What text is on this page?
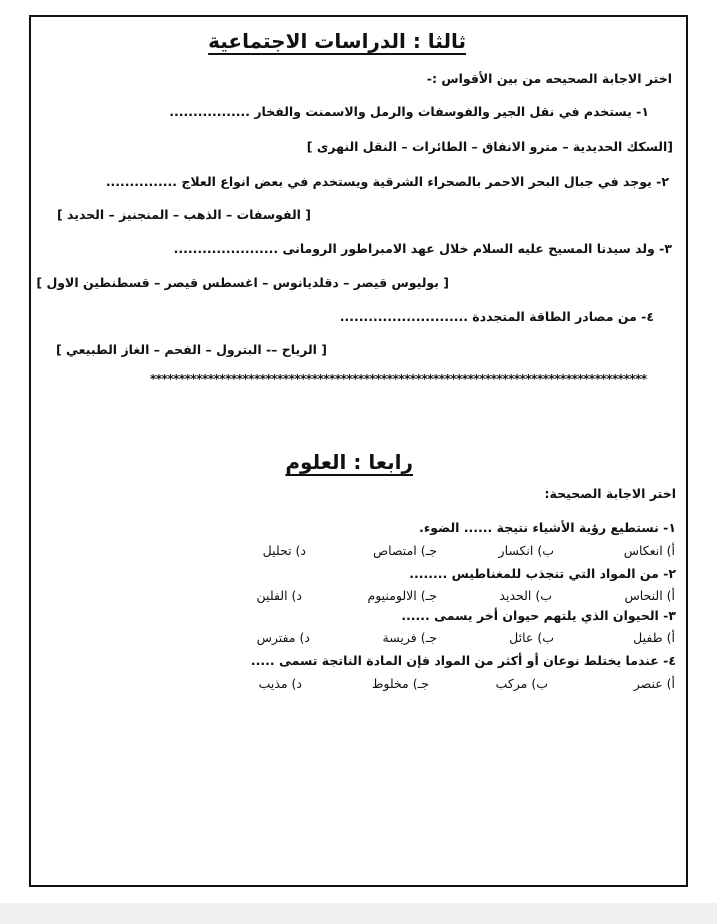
ثالثا : الدراسات الاجتماعية
اختر الاجابة الصحيحه من بين الأقواس :-
١- يستخدم في نقل الجير والفوسفات والرمل والاسمنت والفخار .................
[السكك الحديدية – مترو الانفاق – الطائرات – النقل النهرى ]
٢- يوجد في جبال البحر الاحمر بالصحراء الشرقية ويستخدم في بعض انواع العلاج ...............
[ الفوسفات – الذهب – المنجنيز – الحديد ]
٣- ولد سيدنا المسيح عليه السلام خلال عهد الامبراطور الرومانى ......................
[ بوليوس قيصر – دقلديانوس – اغسطس قيصر – قسطنطين الاول ]
٤- من مصادر الطاقة المتجددة ...........................
[ الرياح –- البترول – الفحم – الغاز الطبيعي ]
**************************************************************************************
رابعا : العلوم
اختر الاجابة الصحيحة:
١- نستطيع رؤية الأشياء نتيجة ...... الضوء.
أ) انعكاس
ب) انكسار
جـ) امتصاص
د) تحليل
٢- من المواد التي تنجذب للمغناطيس ........
أ) النحاس
ب) الحديد
جـ) الالومنيوم
د) الفلين
٣- الحيوان الذي يلتهم حيوان أخر يسمى ......
أ) طفيل
ب) عائل
جـ) فريسة
د) مفترس
٤- عندما يختلط نوعان أو أكثر من المواد فإن المادة الناتجة تسمى .....
أ) عنصر
ب) مركب
جـ) مخلوط
د) مذيب
